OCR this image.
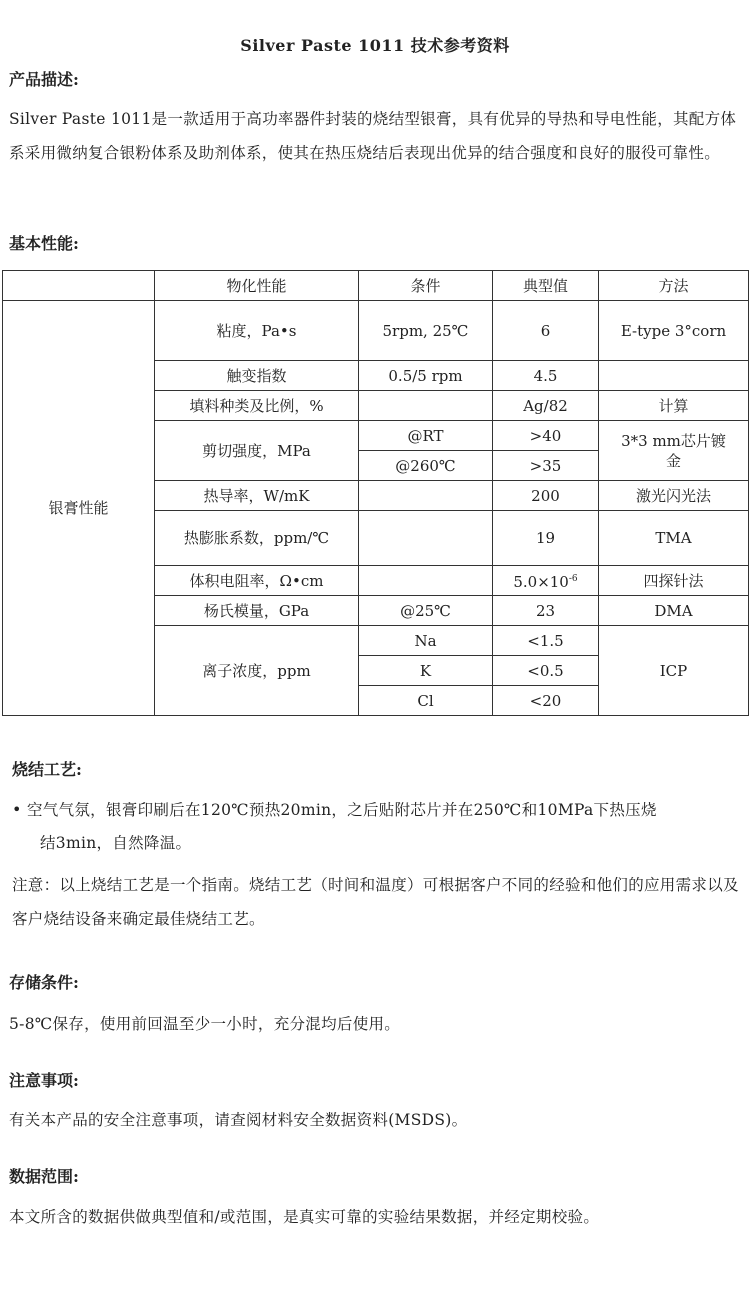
Silver Paste 1011 技术参考资料
产品描述:
Silver Paste 1011是一款适用于高功率器件封装的烧结型银膏，具有优异的导热和导电性能，其配方体系采用微纳复合银粉体系及助剂体系，使其在热压烧结后表现出优异的结合强度和良好的服役可靠性。
基本性能:
	物化性能	条件	典型值	方法
银膏性能	粘度，Pa•s	5rpm, 25℃	6	E-type 3°corn
	触变指数	0.5/5 rpm	4.5	
	填料种类及比例，%		Ag/82	计算
	剪切强度，MPa	@RT	>40	3*3 mm芯片镀金
		@260℃	>35	
	热导率，W/mK		200	激光闪光法
	热膨胀系数，ppm/℃		19	TMA
	体积电阻率，Ω•cm		$5.0\times 10^{-6}$	四探针法
	杨氏模量，GPa	@25℃	23	DMA
	离子浓度，ppm	Na	<1.5	ICP
		K	<0.5	
		Cl	<20	
烧结工艺:
• 空气气氛，银膏印刷后在120℃预热20min，之后贴附芯片并在250℃和10MPa下热压烧
结3min，自然降温。
注意：以上烧结工艺是一个指南。烧结工艺（时间和温度）可根据客户不同的经验和他们的应用需求以及客户烧结设备来确定最佳烧结工艺。
存储条件:
5-8℃保存，使用前回温至少一小时，充分混均后使用。
注意事项:
有关本产品的安全注意事项，请查阅材料安全数据资料(MSDS)。
数据范围:
本文所含的数据供做典型值和/或范围，是真实可靠的实验结果数据，并经定期校验。
